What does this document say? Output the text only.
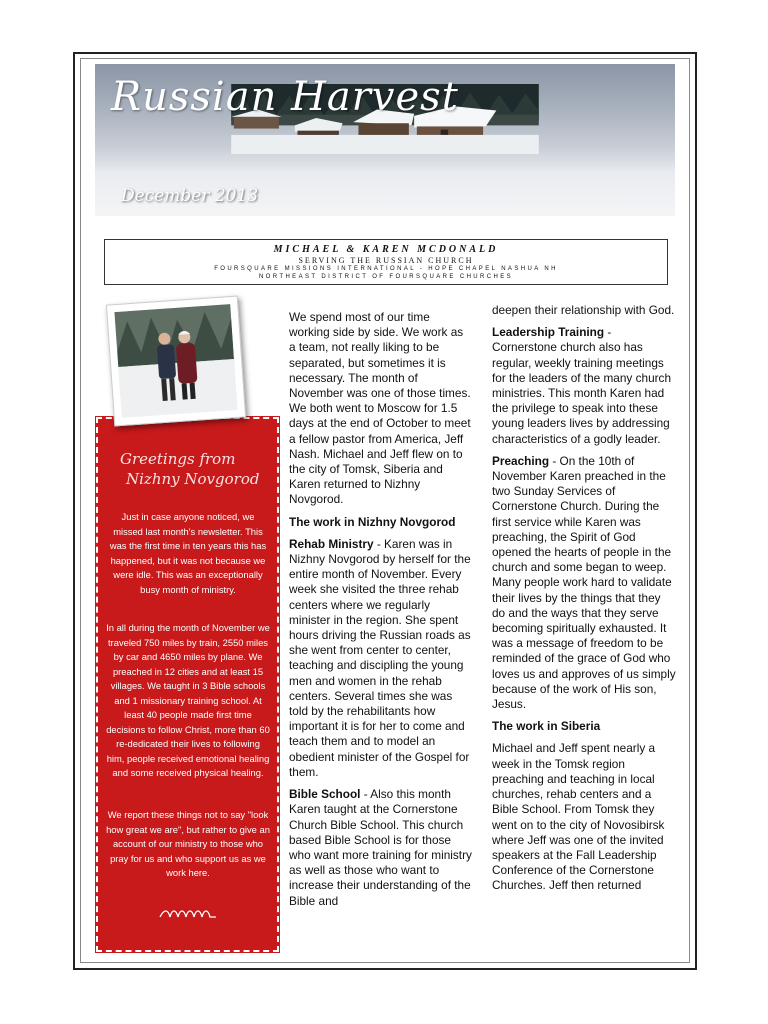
Russian Harvest
December 2013
MICHAEL & KAREN MCDONALD
SERVING THE RUSSIAN CHURCH
FOURSQUARE MISSIONS INTERNATIONAL - HOPE CHAPEL NASHUA NH
NORTHEAST DISTRICT OF FOURSQUARE CHURCHES
Greetings from
Nizhny Novgorod
Just in case anyone noticed, we missed last month's newsletter. This was the first time in ten years this has happened, but it was not because we were idle. This was an exceptionally busy month of ministry.
In all during the month of November we traveled 750 miles by train, 2550 miles by car and 4650 miles by plane. We preached in 12 cities and at least 15 villages. We taught in 3 Bible schools and 1 missionary training school. At least 40 people made first time decisions to follow Christ, more than 60 re-dedicated their lives to following him, people received emotional healing and some received physical healing.
We report these things not to say "look how great we are", but rather to give an account of our ministry to those who pray for us and who support us as we work here.

We spend most of our time working side by side. We work as a team, not really liking to be separated, but sometimes it is necessary. The month of November was one of those times. We both went to Moscow for 1.5 days at the end of October to meet a fellow pastor from America, Jeff Nash. Michael and Jeff flew on to the city of Tomsk, Siberia and Karen returned to Nizhny Novgorod.

The work in Nizhny Novgorod

Rehab Ministry - Karen was in Nizhny Novgorod by herself for the entire month of November. Every week she visited the three rehab centers where we regularly minister in the region. She spent hours driving the Russian roads as she went from center to center, teaching and discipling the young men and women in the rehab centers. Several times she was told by the rehabilitants how important it is for her to come and teach them and to model an obedient minister of the Gospel for them.

Bible School - Also this month Karen taught at the Cornerstone Church Bible School. This church based Bible School is for those who want more training for ministry as well as those who want to increase their understanding of the Bible and

deepen their relationship with God.

Leadership Training - Cornerstone church also has regular, weekly training meetings for the leaders of the many church ministries. This month Karen had the privilege to speak into these young leaders lives by addressing characteristics of a godly leader.

Preaching - On the 10th of November Karen preached in the two Sunday Services of Cornerstone Church. During the first service while Karen was preaching, the Spirit of God opened the hearts of people in the church and some began to weep. Many people work hard to validate their lives by the things that they do and the ways that they serve becoming spiritually exhausted. It was a message of freedom to be reminded of the grace of God who loves us and approves of us simply because of the work of His son, Jesus.

The work in Siberia

Michael and Jeff spent nearly a week in the Tomsk region preaching and teaching in local churches, rehab centers and a Bible School. From Tomsk they went on to the city of Novosibirsk where Jeff was one of the invited speakers at the Fall Leadership Conference of the Cornerstone Churches. Jeff then returned
